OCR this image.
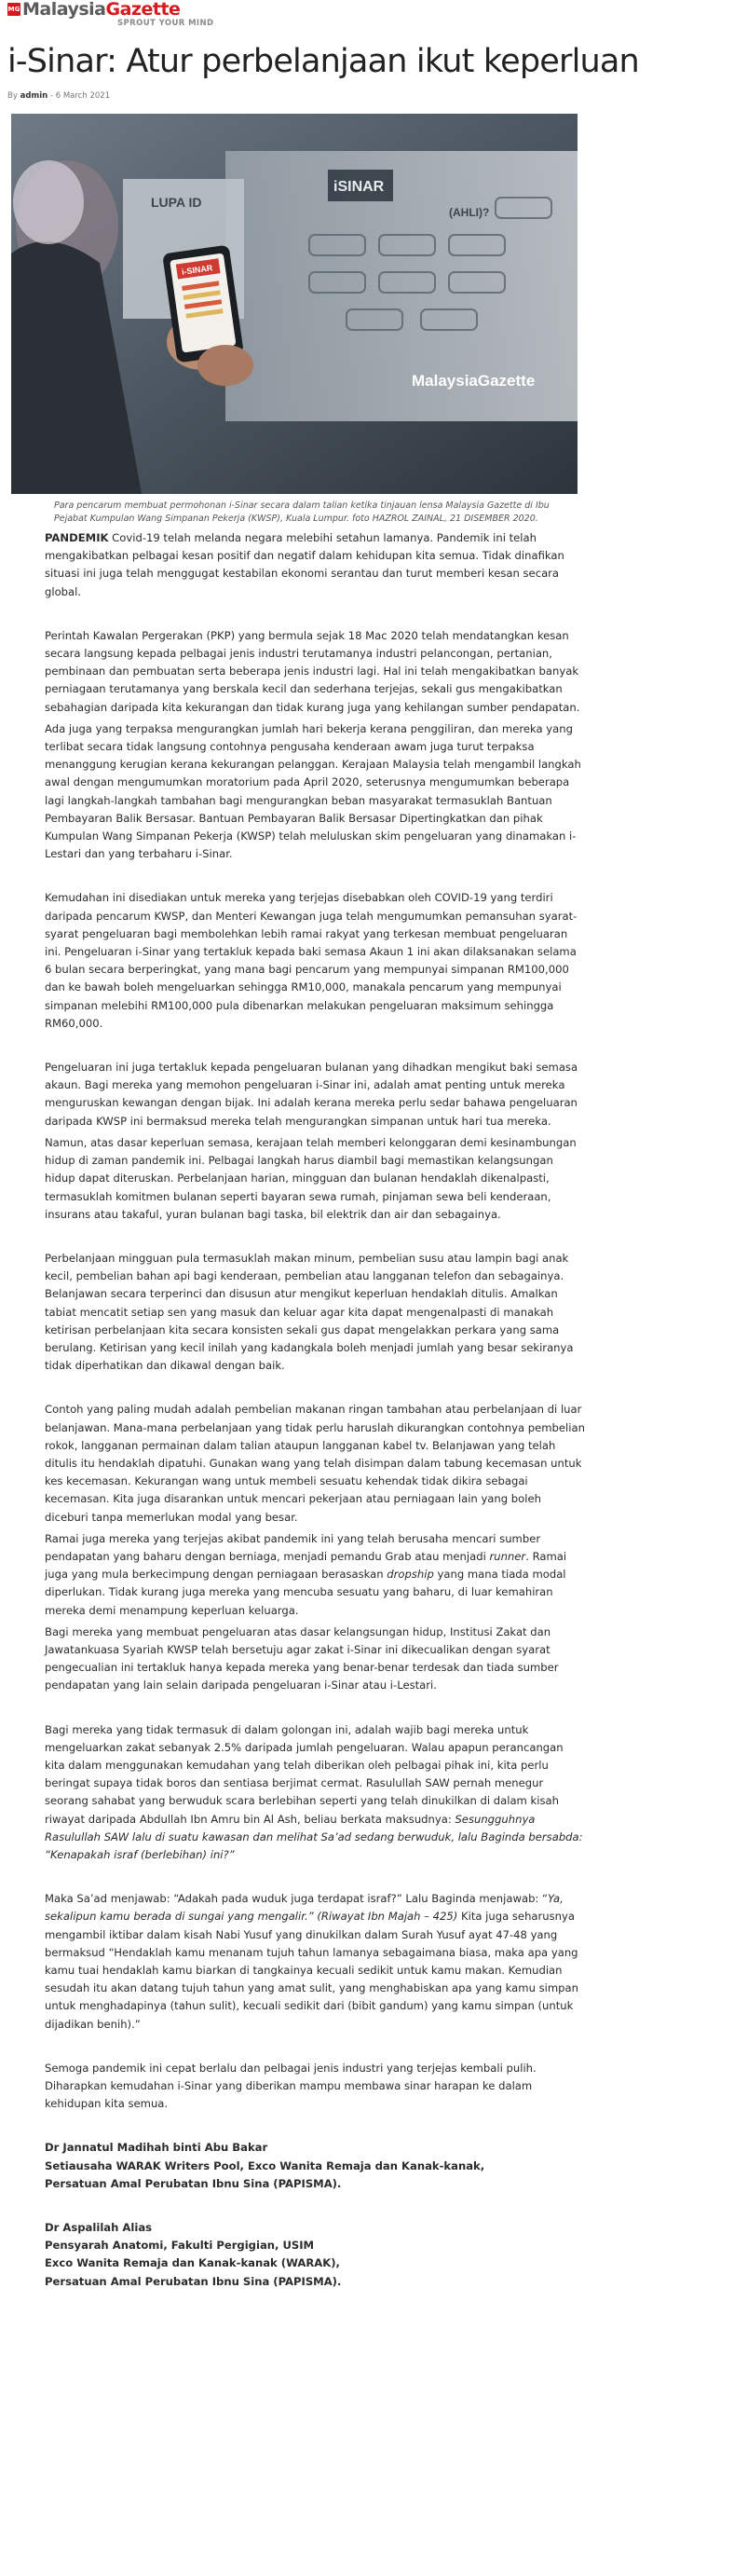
MG Malaysia Gazette
SPROUT YOUR MIND
i-Sinar: Atur perbelanjaan ikut keperluan
By admin - 6 March 2021
LUPA ID
iSINAR
(AHLI)?
i-SINAR
MalaysiaGazette

Para pencarum membuat permohonan i-Sinar secara dalam talian ketika tinjauan lensa Malaysia Gazette di Ibu Pejabat Kumpulan Wang Simpanan Pekerja (KWSP), Kuala Lumpur. foto HAZROL ZAINAL, 21 DISEMBER 2020.

PANDEMIK Covid-19 telah melanda negara melebihi setahun lamanya. Pandemik ini telah mengakibatkan pelbagai kesan positif dan negatif dalam kehidupan kita semua. Tidak dinafikan situasi ini juga telah menggugat kestabilan ekonomi serantau dan turut memberi kesan secara global.

Perintah Kawalan Pergerakan (PKP) yang bermula sejak 18 Mac 2020 telah mendatangkan kesan secara langsung kepada pelbagai jenis industri terutamanya industri pelancongan, pertanian, pembinaan dan pembuatan serta beberapa jenis industri lagi. Hal ini telah mengakibatkan banyak perniagaan terutamanya yang berskala kecil dan sederhana terjejas, sekali gus mengakibatkan sebahagian daripada kita kekurangan dan tidak kurang juga yang kehilangan sumber pendapatan.

Ada juga yang terpaksa mengurangkan jumlah hari bekerja kerana penggiliran, dan mereka yang terlibat secara tidak langsung contohnya pengusaha kenderaan awam juga turut terpaksa menanggung kerugian kerana kekurangan pelanggan. Kerajaan Malaysia telah mengambil langkah awal dengan mengumumkan moratorium pada April 2020, seterusnya mengumumkan beberapa lagi langkah-langkah tambahan bagi mengurangkan beban masyarakat termasuklah Bantuan Pembayaran Balik Bersasar. Bantuan Pembayaran Balik Bersasar Dipertingkatkan dan pihak Kumpulan Wang Simpanan Pekerja (KWSP) telah meluluskan skim pengeluaran yang dinamakan i-Lestari dan yang terbaharu i-Sinar.

Kemudahan ini disediakan untuk mereka yang terjejas disebabkan oleh COVID-19 yang terdiri daripada pencarum KWSP, dan Menteri Kewangan juga telah mengumumkan pemansuhan syarat-syarat pengeluaran bagi membolehkan lebih ramai rakyat yang terkesan membuat pengeluaran ini. Pengeluaran i-Sinar yang tertakluk kepada baki semasa Akaun 1 ini akan dilaksanakan selama 6 bulan secara berperingkat, yang mana bagi pencarum yang mempunyai simpanan RM100,000 dan ke bawah boleh mengeluarkan sehingga RM10,000, manakala pencarum yang mempunyai simpanan melebihi RM100,000 pula dibenarkan melakukan pengeluaran maksimum sehingga RM60,000.

Pengeluaran ini juga tertakluk kepada pengeluaran bulanan yang dihadkan mengikut baki semasa akaun. Bagi mereka yang memohon pengeluaran i-Sinar ini, adalah amat penting untuk mereka menguruskan kewangan dengan bijak. Ini adalah kerana mereka perlu sedar bahawa pengeluaran daripada KWSP ini bermaksud mereka telah mengurangkan simpanan untuk hari tua mereka.

Namun, atas dasar keperluan semasa, kerajaan telah memberi kelonggaran demi kesinambungan hidup di zaman pandemik ini. Pelbagai langkah harus diambil bagi memastikan kelangsungan hidup dapat diteruskan. Perbelanjaan harian, mingguan dan bulanan hendaklah dikenalpasti, termasuklah komitmen bulanan seperti bayaran sewa rumah, pinjaman sewa beli kenderaan, insurans atau takaful, yuran bulanan bagi taska, bil elektrik dan air dan sebagainya.

Perbelanjaan mingguan pula termasuklah makan minum, pembelian susu atau lampin bagi anak kecil, pembelian bahan api bagi kenderaan, pembelian atau langganan telefon dan sebagainya. Belanjawan secara terperinci dan disusun atur mengikut keperluan hendaklah ditulis. Amalkan tabiat mencatit setiap sen yang masuk dan keluar agar kita dapat mengenalpasti di manakah ketirisan perbelanjaan kita secara konsisten sekali gus dapat mengelakkan perkara yang sama berulang. Ketirisan yang kecil inilah yang kadangkala boleh menjadi jumlah yang besar sekiranya tidak diperhatikan dan dikawal dengan baik.

Contoh yang paling mudah adalah pembelian makanan ringan tambahan atau perbelanjaan di luar belanjawan. Mana-mana perbelanjaan yang tidak perlu haruslah dikurangkan contohnya pembelian rokok, langganan permainan dalam talian ataupun langganan kabel tv. Belanjawan yang telah ditulis itu hendaklah dipatuhi. Gunakan wang yang telah disimpan dalam tabung kecemasan untuk kes kecemasan. Kekurangan wang untuk membeli sesuatu kehendak tidak dikira sebagai kecemasan. Kita juga disarankan untuk mencari pekerjaan atau perniagaan lain yang boleh diceburi tanpa memerlukan modal yang besar.

Ramai juga mereka yang terjejas akibat pandemik ini yang telah berusaha mencari sumber pendapatan yang baharu dengan berniaga, menjadi pemandu Grab atau menjadi runner. Ramai juga yang mula berkecimpung dengan perniagaan berasaskan dropship yang mana tiada modal diperlukan. Tidak kurang juga mereka yang mencuba sesuatu yang baharu, di luar kemahiran mereka demi menampung keperluan keluarga.

Bagi mereka yang membuat pengeluaran atas dasar kelangsungan hidup, Institusi Zakat dan Jawatankuasa Syariah KWSP telah bersetuju agar zakat i-Sinar ini dikecualikan dengan syarat pengecualian ini tertakluk hanya kepada mereka yang benar-benar terdesak dan tiada sumber pendapatan yang lain selain daripada pengeluaran i-Sinar atau i-Lestari.

Bagi mereka yang tidak termasuk di dalam golongan ini, adalah wajib bagi mereka untuk mengeluarkan zakat sebanyak 2.5% daripada jumlah pengeluaran. Walau apapun perancangan kita dalam menggunakan kemudahan yang telah diberikan oleh pelbagai pihak ini, kita perlu beringat supaya tidak boros dan sentiasa berjimat cermat. Rasulullah SAW pernah menegur seorang sahabat yang berwuduk scara berlebihan seperti yang telah dinukilkan di dalam kisah riwayat daripada Abdullah Ibn Amru bin Al Ash, beliau berkata maksudnya: Sesungguhnya Rasulullah SAW lalu di suatu kawasan dan melihat Sa’ad sedang berwuduk, lalu Baginda bersabda: “Kenapakah israf (berlebihan) ini?”

Maka Sa’ad menjawab: “Adakah pada wuduk juga terdapat israf?” Lalu Baginda menjawab: “Ya, sekalipun kamu berada di sungai yang mengalir.” (Riwayat Ibn Majah – 425) Kita juga seharusnya mengambil iktibar dalam kisah Nabi Yusuf yang dinukilkan dalam Surah Yusuf ayat 47-48 yang bermaksud “Hendaklah kamu menanam tujuh tahun lamanya sebagaimana biasa, maka apa yang kamu tuai hendaklah kamu biarkan di tangkainya kecuali sedikit untuk kamu makan. Kemudian sesudah itu akan datang tujuh tahun yang amat sulit, yang menghabiskan apa yang kamu simpan untuk menghadapinya (tahun sulit), kecuali sedikit dari (bibit gandum) yang kamu simpan (untuk dijadikan benih).”

Semoga pandemik ini cepat berlalu dan pelbagai jenis industri yang terjejas kembali pulih. Diharapkan kemudahan i-Sinar yang diberikan mampu membawa sinar harapan ke dalam kehidupan kita semua.

Dr Jannatul Madihah binti Abu Bakar
Setiausaha WARAK Writers Pool, Exco Wanita Remaja dan Kanak-kanak,
Persatuan Amal Perubatan Ibnu Sina (PAPISMA).
Dr Aspalilah Alias
Pensyarah Anatomi, Fakulti Pergigian, USIM
Exco Wanita Remaja dan Kanak-kanak (WARAK),
Persatuan Amal Perubatan Ibnu Sina (PAPISMA).
